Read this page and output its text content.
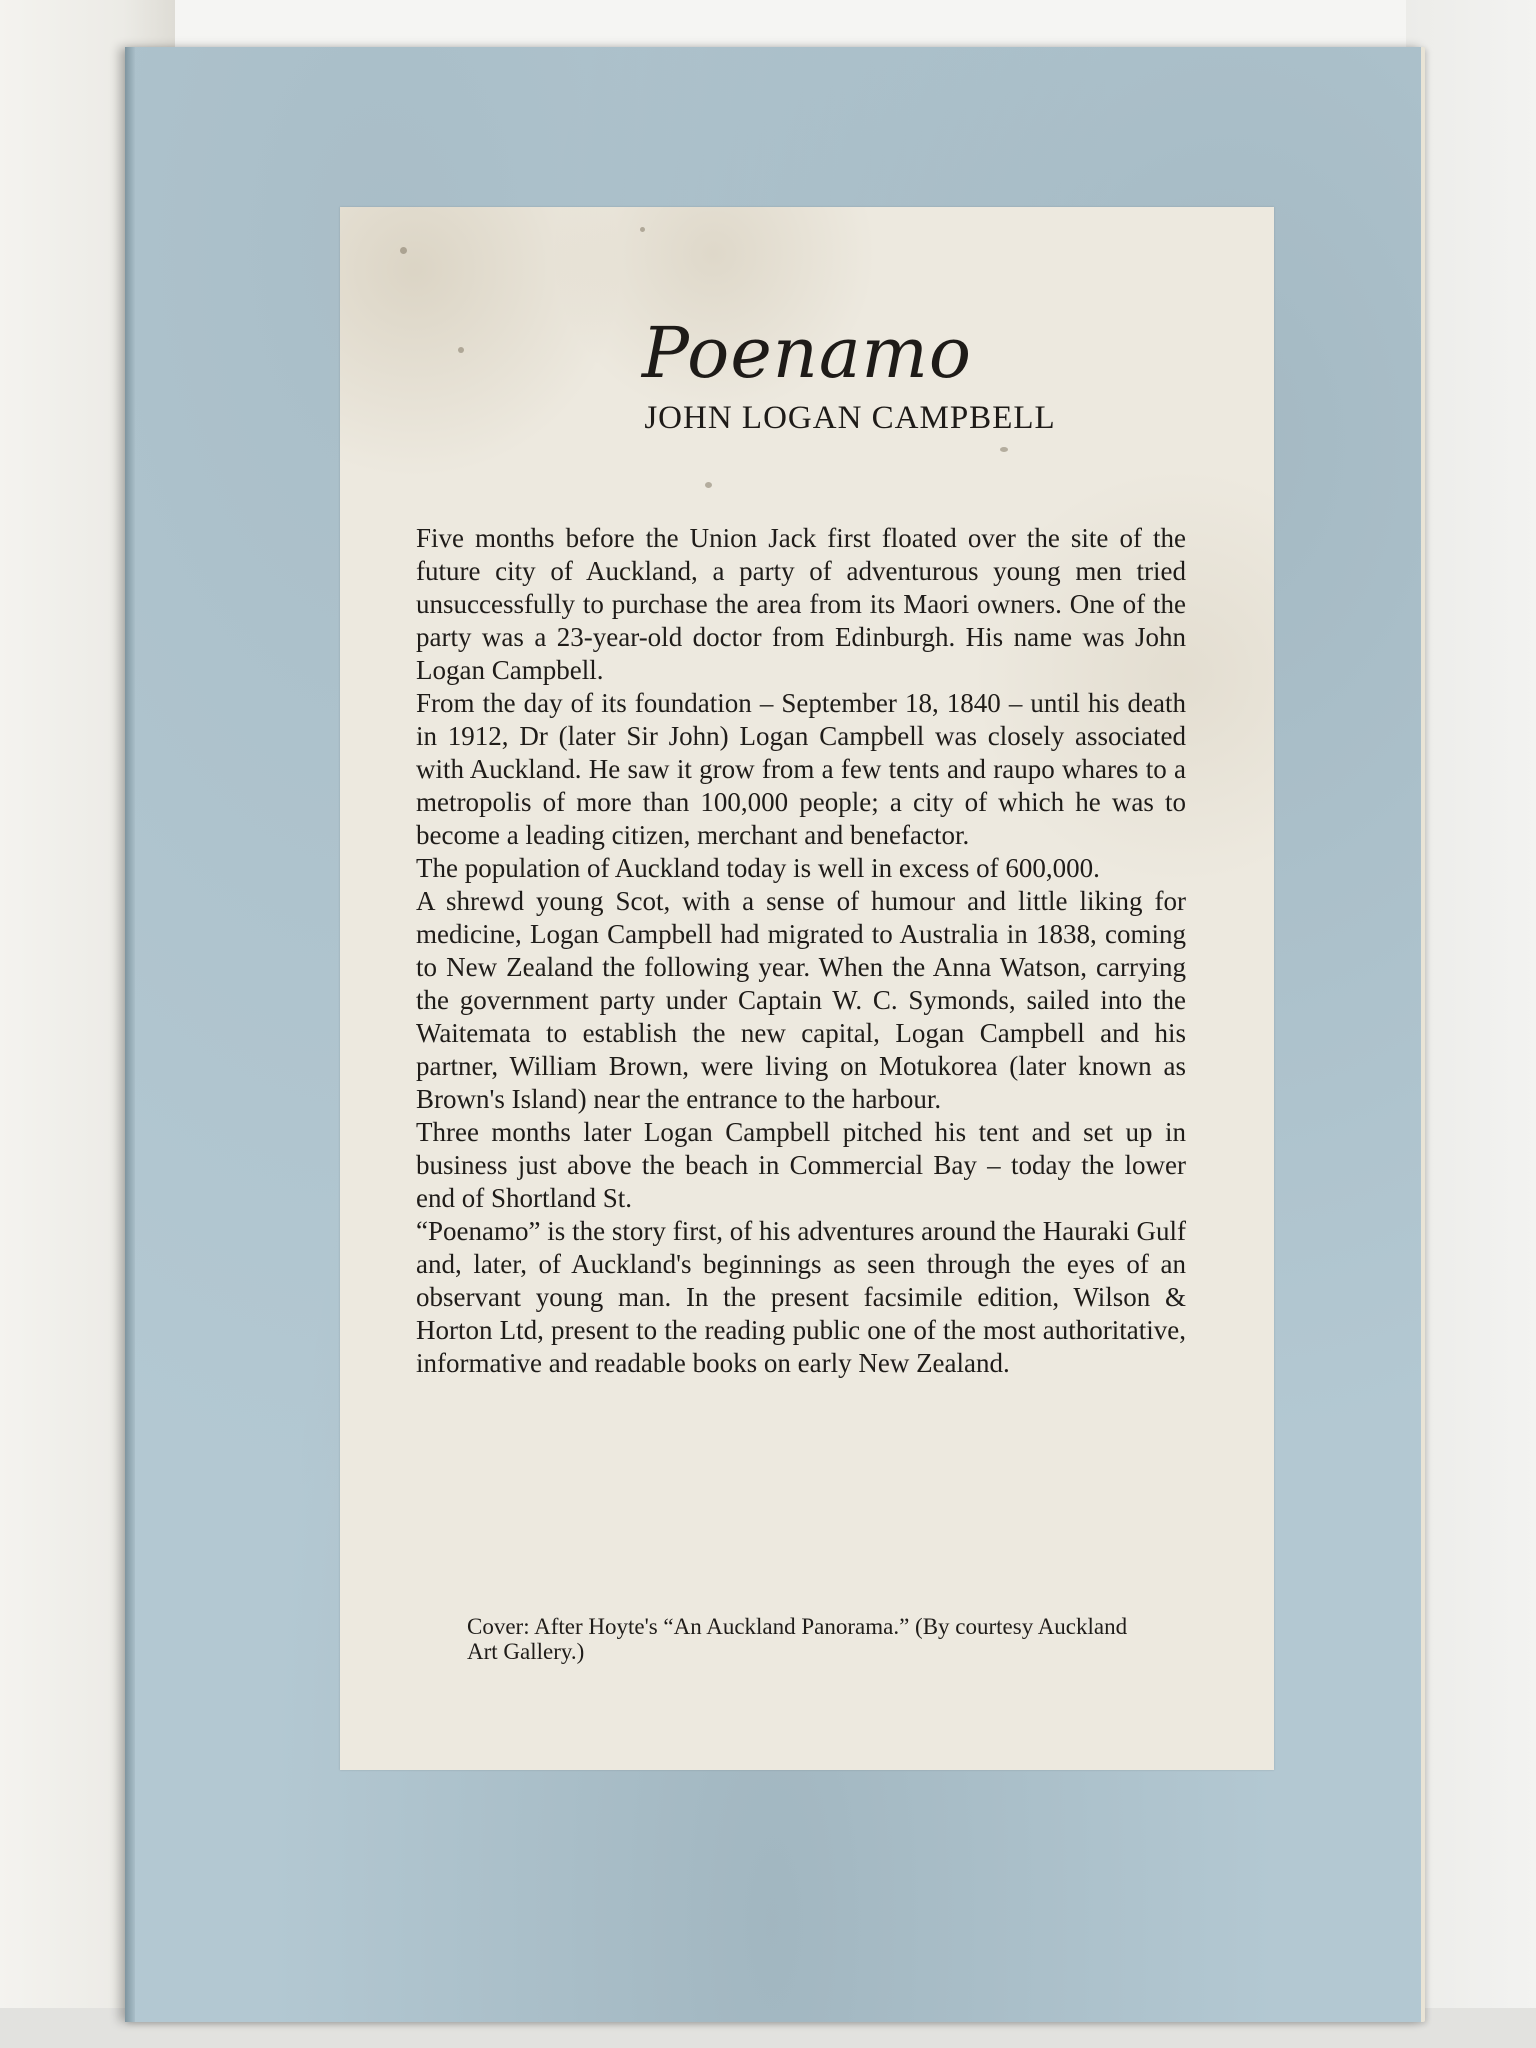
Poenamo
JOHN LOGAN CAMPBELL

Five months before the Union Jack first floated over the site of the future city of Auckland, a party of adventurous young men tried unsuccessfully to purchase the area from its Maori owners. One of the party was a 23-year-old doctor from Edinburgh. His name was John Logan Campbell.

From the day of its foundation – September 18, 1840 – until his death in 1912, Dr (later Sir John) Logan Campbell was closely associated with Auckland. He saw it grow from a few tents and raupo whares to a metropolis of more than 100,000 people; a city of which he was to become a leading citizen, merchant and benefactor.

The population of Auckland today is well in excess of 600,000.

A shrewd young Scot, with a sense of humour and little liking for medicine, Logan Campbell had migrated to Australia in 1838, coming to New Zealand the following year. When the Anna Watson, carrying the government party under Captain W. C. Symonds, sailed into the Waitemata to establish the new capital, Logan Campbell and his partner, William Brown, were living on Motukorea (later known as Brown's Island) near the entrance to the harbour.

Three months later Logan Campbell pitched his tent and set up in business just above the beach in Commercial Bay – today the lower end of Shortland St.

“Poenamo” is the story first, of his adventures around the Hauraki Gulf and, later, of Auckland's beginnings as seen through the eyes of an observant young man. In the present facsimile edition, Wilson & Horton Ltd, present to the reading public one of the most authoritative, informative and readable books on early New Zealand.

Cover: After Hoyte's “An Auckland Panorama.” (By courtesy Auckland Art Gallery.)
